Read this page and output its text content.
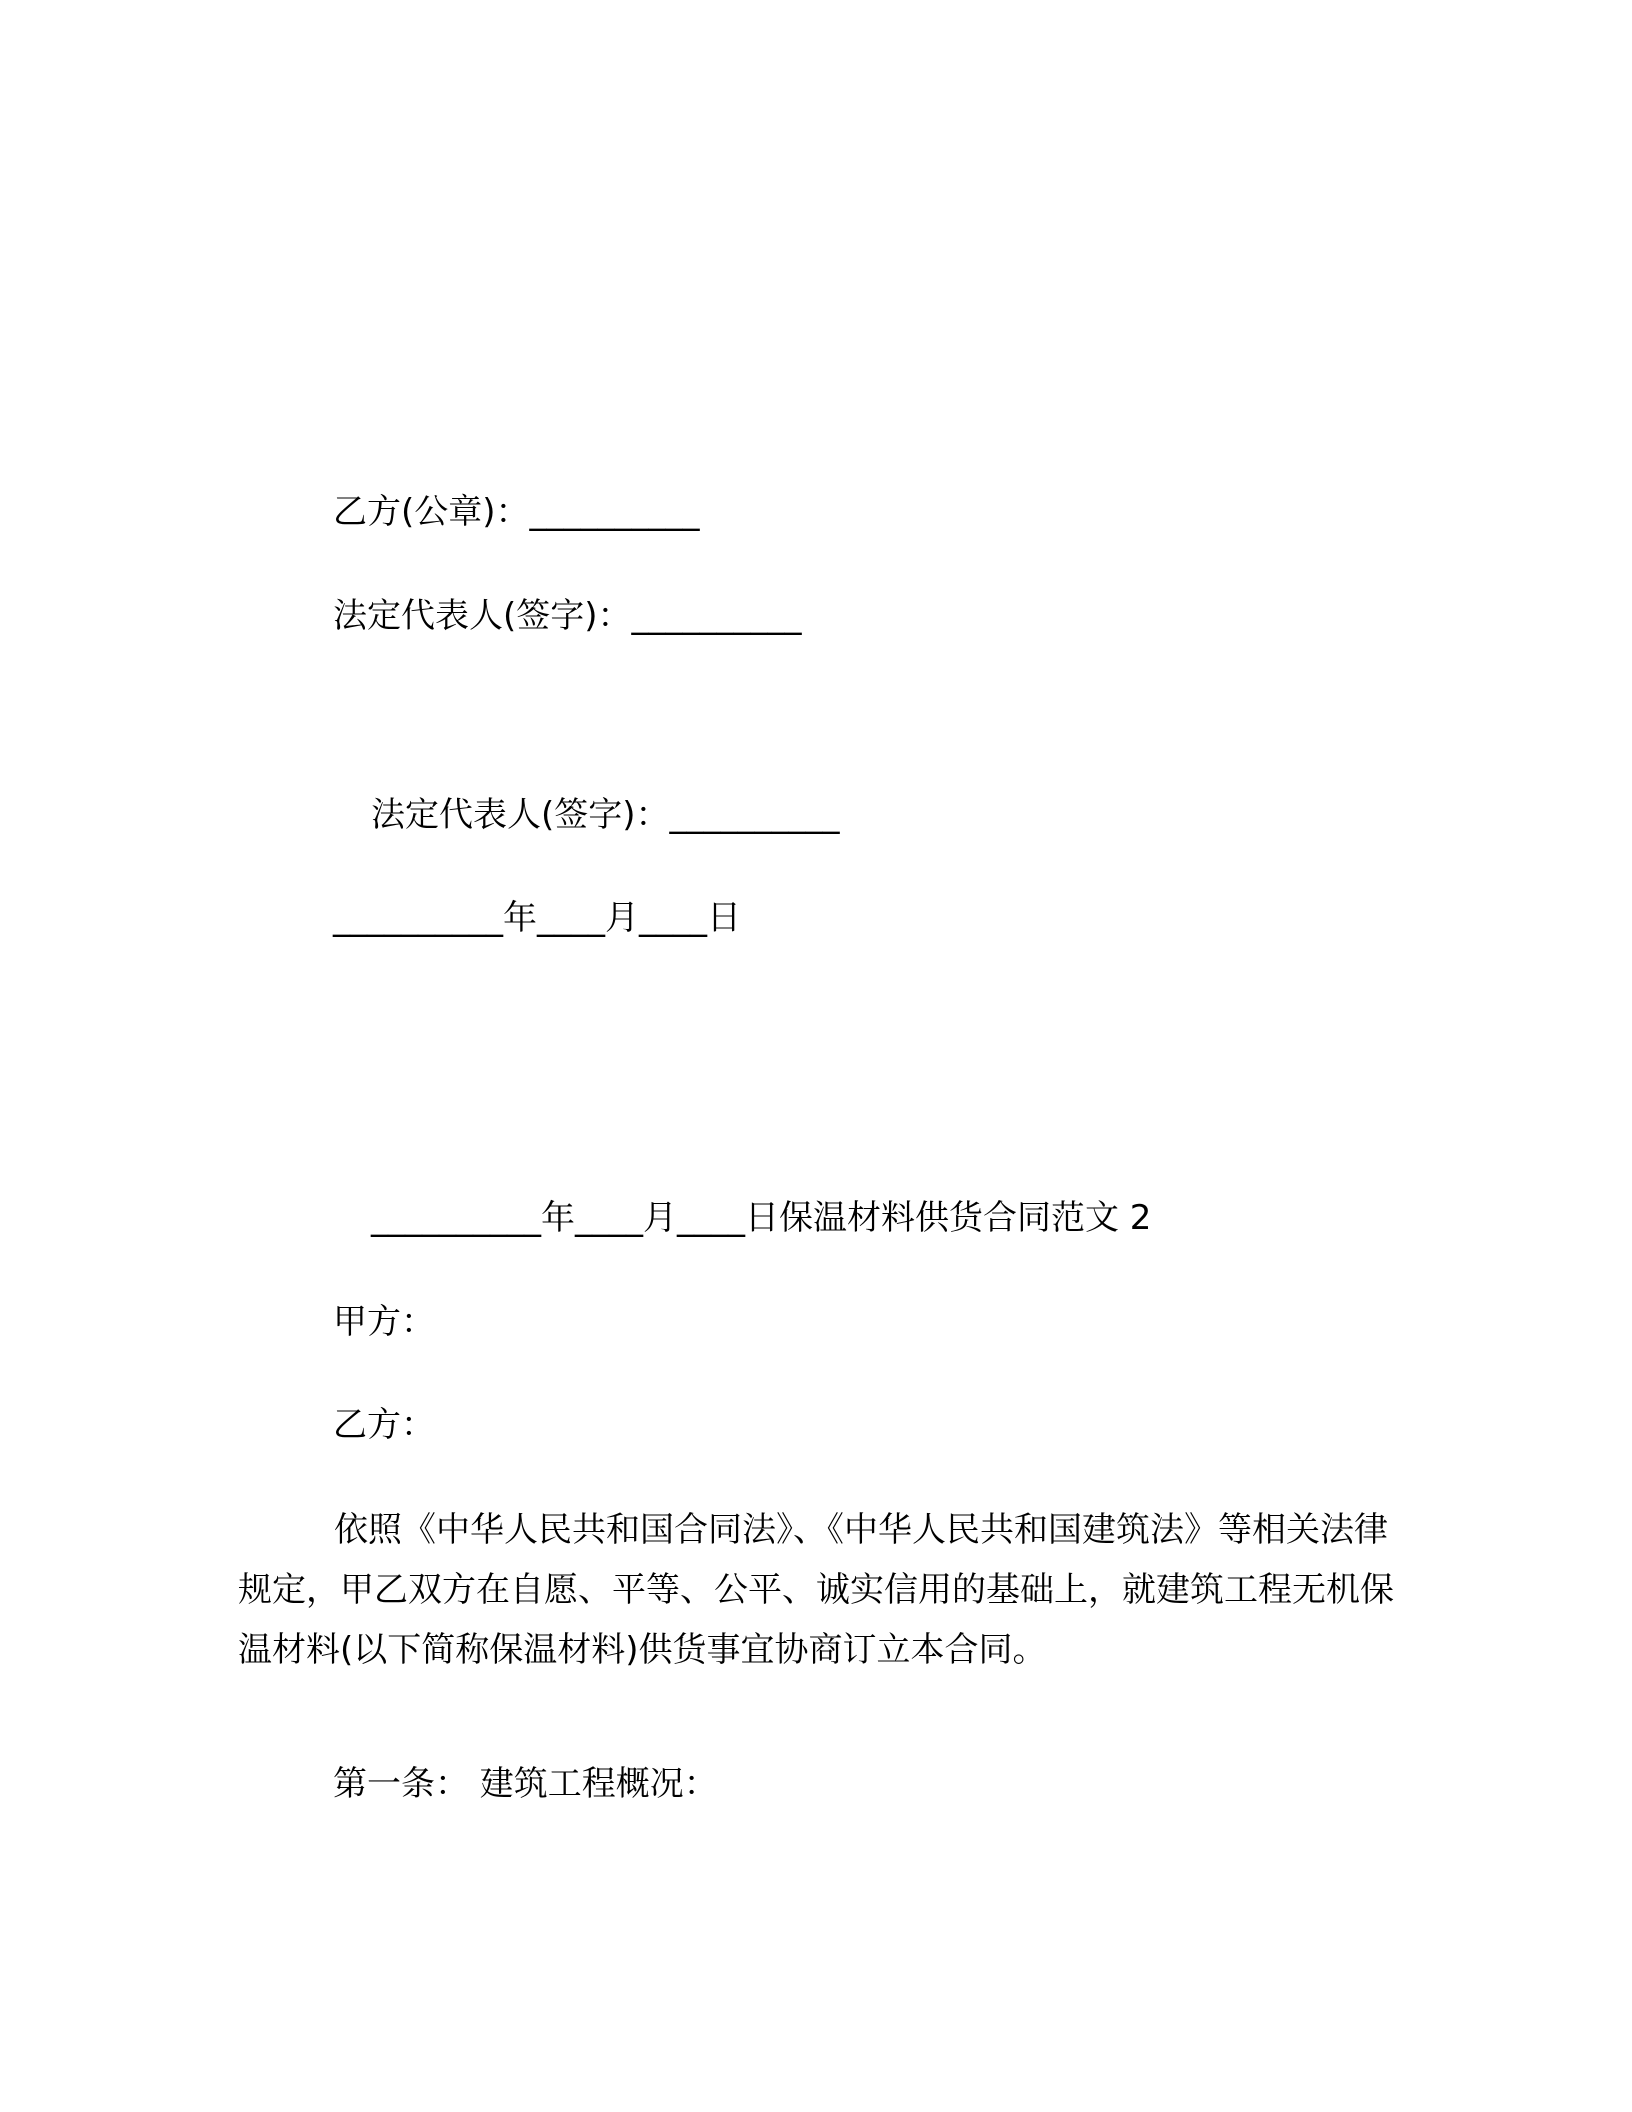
乙方(公章)：__________

法定代表人(签字)：__________

法定代表人(签字)：__________

__________年____月____日

__________年____月____日保温材料供货合同范文 2

甲方：

乙方：

依照《中华人民共和国合同法》、《中华人民共和国建筑法》等相关法律规定，甲乙双方在自愿、平等、公平、诚实信用的基础上，就建筑工程无机保温材料(以下简称保温材料)供货事宜协商订立本合同。

第一条： 建筑工程概况：
